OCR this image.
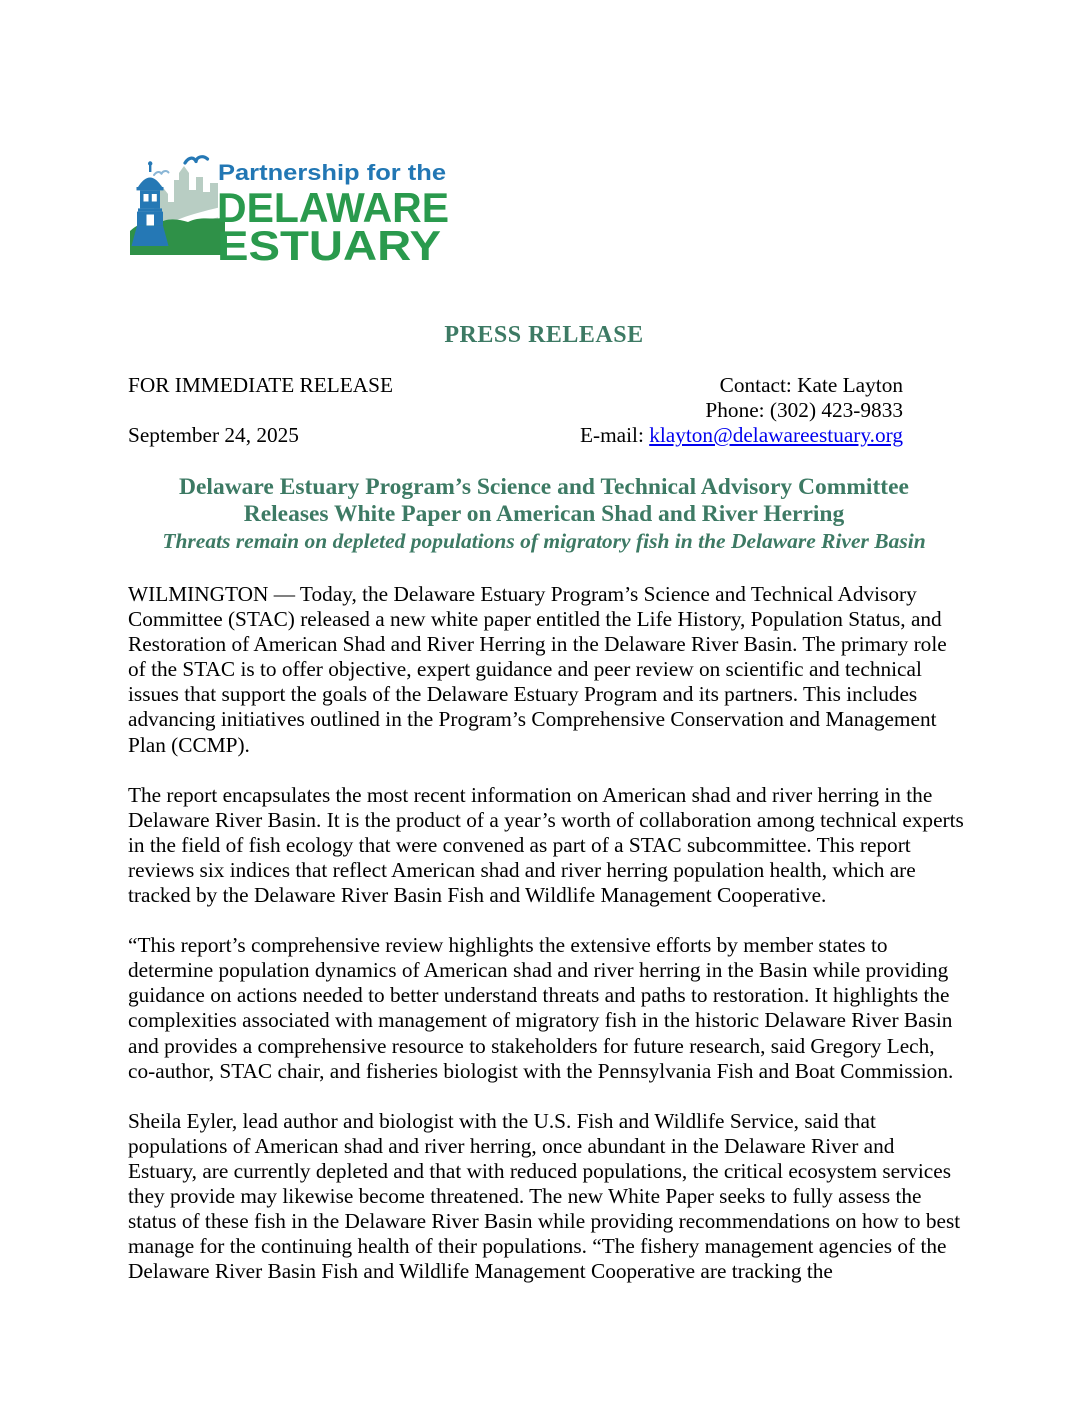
Partnership for the
DELAWARE
ESTUARY
PRESS RELEASE
FOR IMMEDIATE RELEASE

September 24, 2025
Contact: Kate Layton
Phone: (302) 423-9833
E-mail: klayton@delawareestuary.org
Delaware Estuary Program’s Science and Technical Advisory Committee
Releases White Paper on American Shad and River Herring
Threats remain on depleted populations of migratory fish in the Delaware River Basin

WILMINGTON — Today, the Delaware Estuary Program’s Science and Technical Advisory Committee (STAC) released a new white paper entitled the Life History, Population Status, and Restoration of American Shad and River Herring in the Delaware River Basin. The primary role of the STAC is to offer objective, expert guidance and peer review on scientific and technical issues that support the goals of the Delaware Estuary Program and its partners. This includes advancing initiatives outlined in the Program’s Comprehensive Conservation and Management Plan (CCMP).

The report encapsulates the most recent information on American shad and river herring in the Delaware River Basin. It is the product of a year’s worth of collaboration among technical experts in the field of fish ecology that were convened as part of a STAC subcommittee. This report reviews six indices that reflect American shad and river herring population health, which are tracked by the Delaware River Basin Fish and Wildlife Management Cooperative.

“This report’s comprehensive review highlights the extensive efforts by member states to determine population dynamics of American shad and river herring in the Basin while providing guidance on actions needed to better understand threats and paths to restoration. It highlights the complexities associated with management of migratory fish in the historic Delaware River Basin and provides a comprehensive resource to stakeholders for future research, said Gregory Lech, co-author, STAC chair, and fisheries biologist with the Pennsylvania Fish and Boat Commission.

Sheila Eyler, lead author and biologist with the U.S. Fish and Wildlife Service, said that populations of American shad and river herring, once abundant in the Delaware River and Estuary, are currently depleted and that with reduced populations, the critical ecosystem services they provide may likewise become threatened. The new White Paper seeks to fully assess the status of these fish in the Delaware River Basin while providing recommendations on how to best manage for the continuing health of their populations. “The fishery management agencies of the Delaware River Basin Fish and Wildlife Management Cooperative are tracking the
